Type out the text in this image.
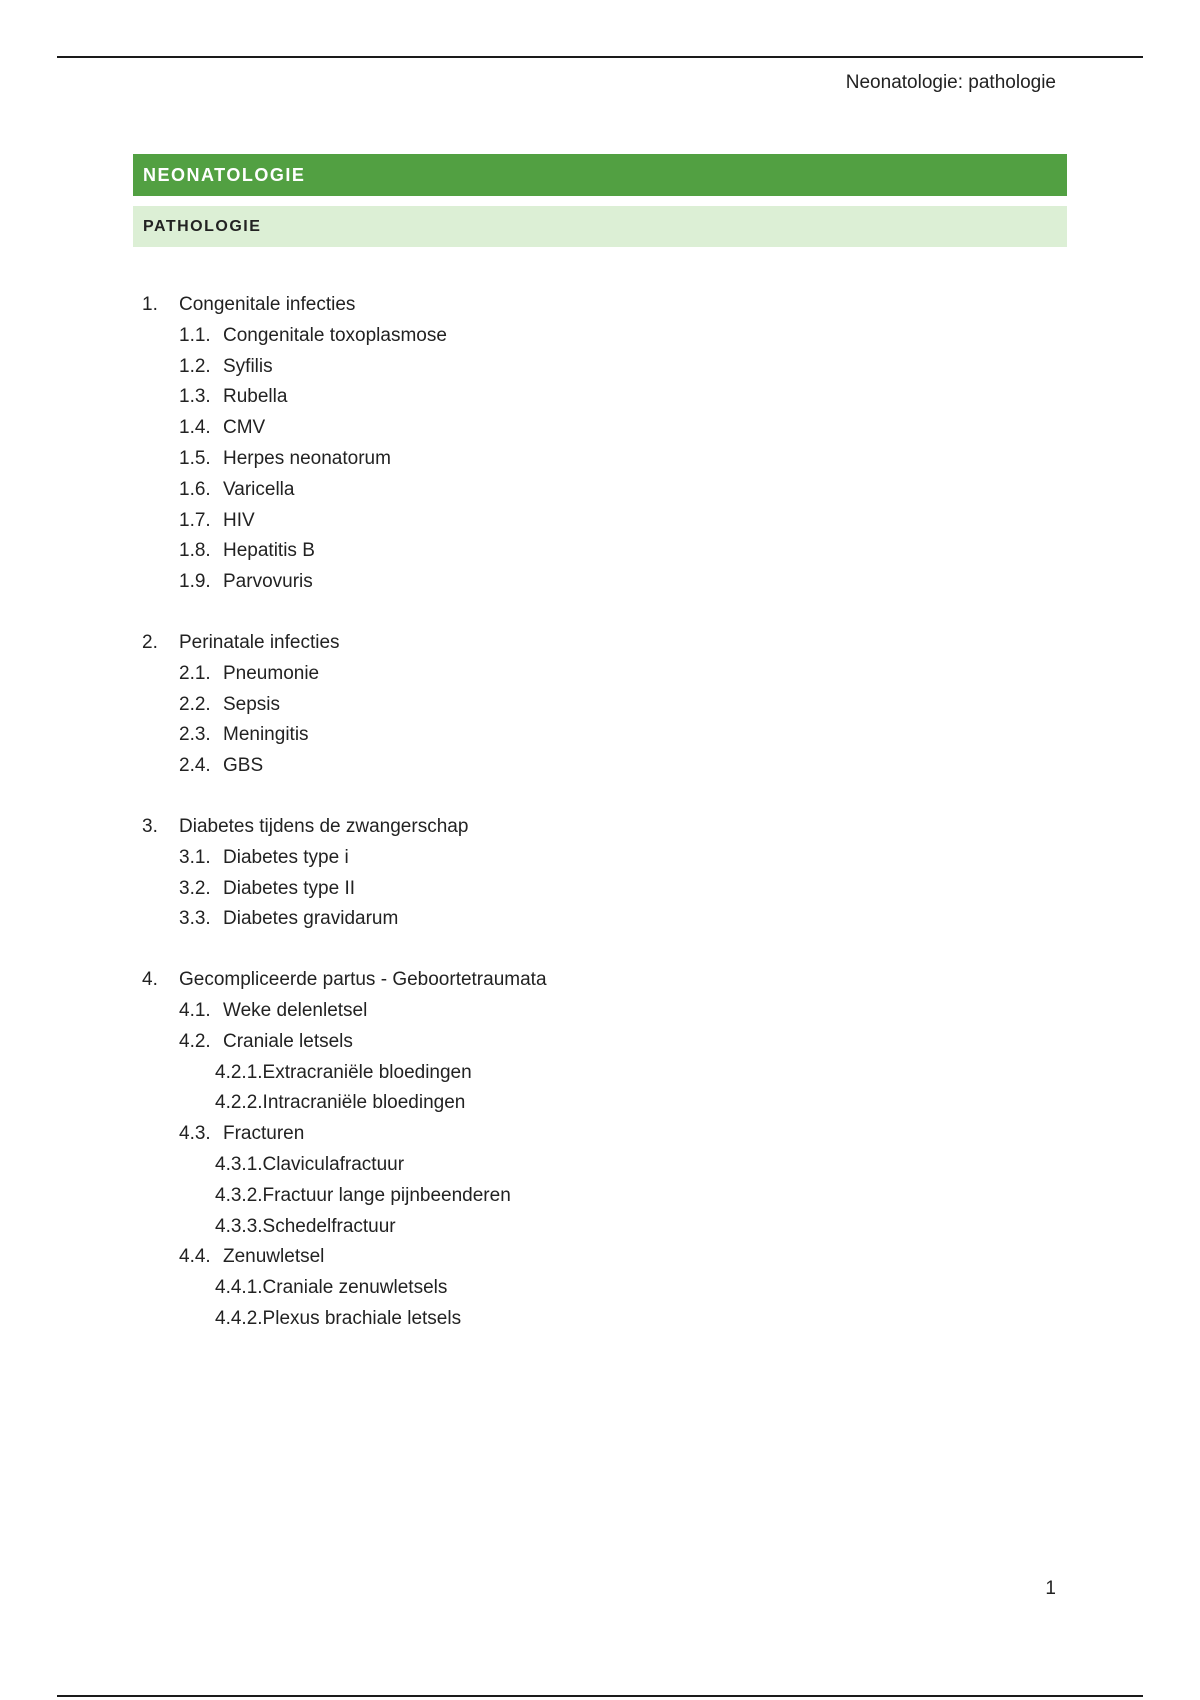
Neonatologie: pathologie
NEONATOLOGIE
PATHOLOGIE
1.	Congenitale infecties
1.1. Congenitale toxoplasmose
1.2. Syfilis
1.3. Rubella
1.4. CMV
1.5. Herpes neonatorum
1.6. Varicella
1.7. HIV
1.8. Hepatitis B
1.9. Parvovuris
2.	Perinatale infecties
2.1. Pneumonie
2.2. Sepsis
2.3. Meningitis
2.4. GBS
3.	Diabetes tijdens de zwangerschap
3.1. Diabetes type i
3.2. Diabetes type II
3.3. Diabetes gravidarum
4.	Gecompliceerde partus - Geboortetraumata
4.1. Weke delenletsel
4.2. Craniale letsels
4.2.1. Extracraniële bloedingen
4.2.2. Intracraniële bloedingen
4.3. Fracturen
4.3.1. Claviculafractuur
4.3.2. Fractuur lange pijnbeenderen
4.3.3. Schedelfractuur
4.4. Zenuwletsel
4.4.1. Craniale zenuwletsels
4.4.2. Plexus brachiale letsels
1
